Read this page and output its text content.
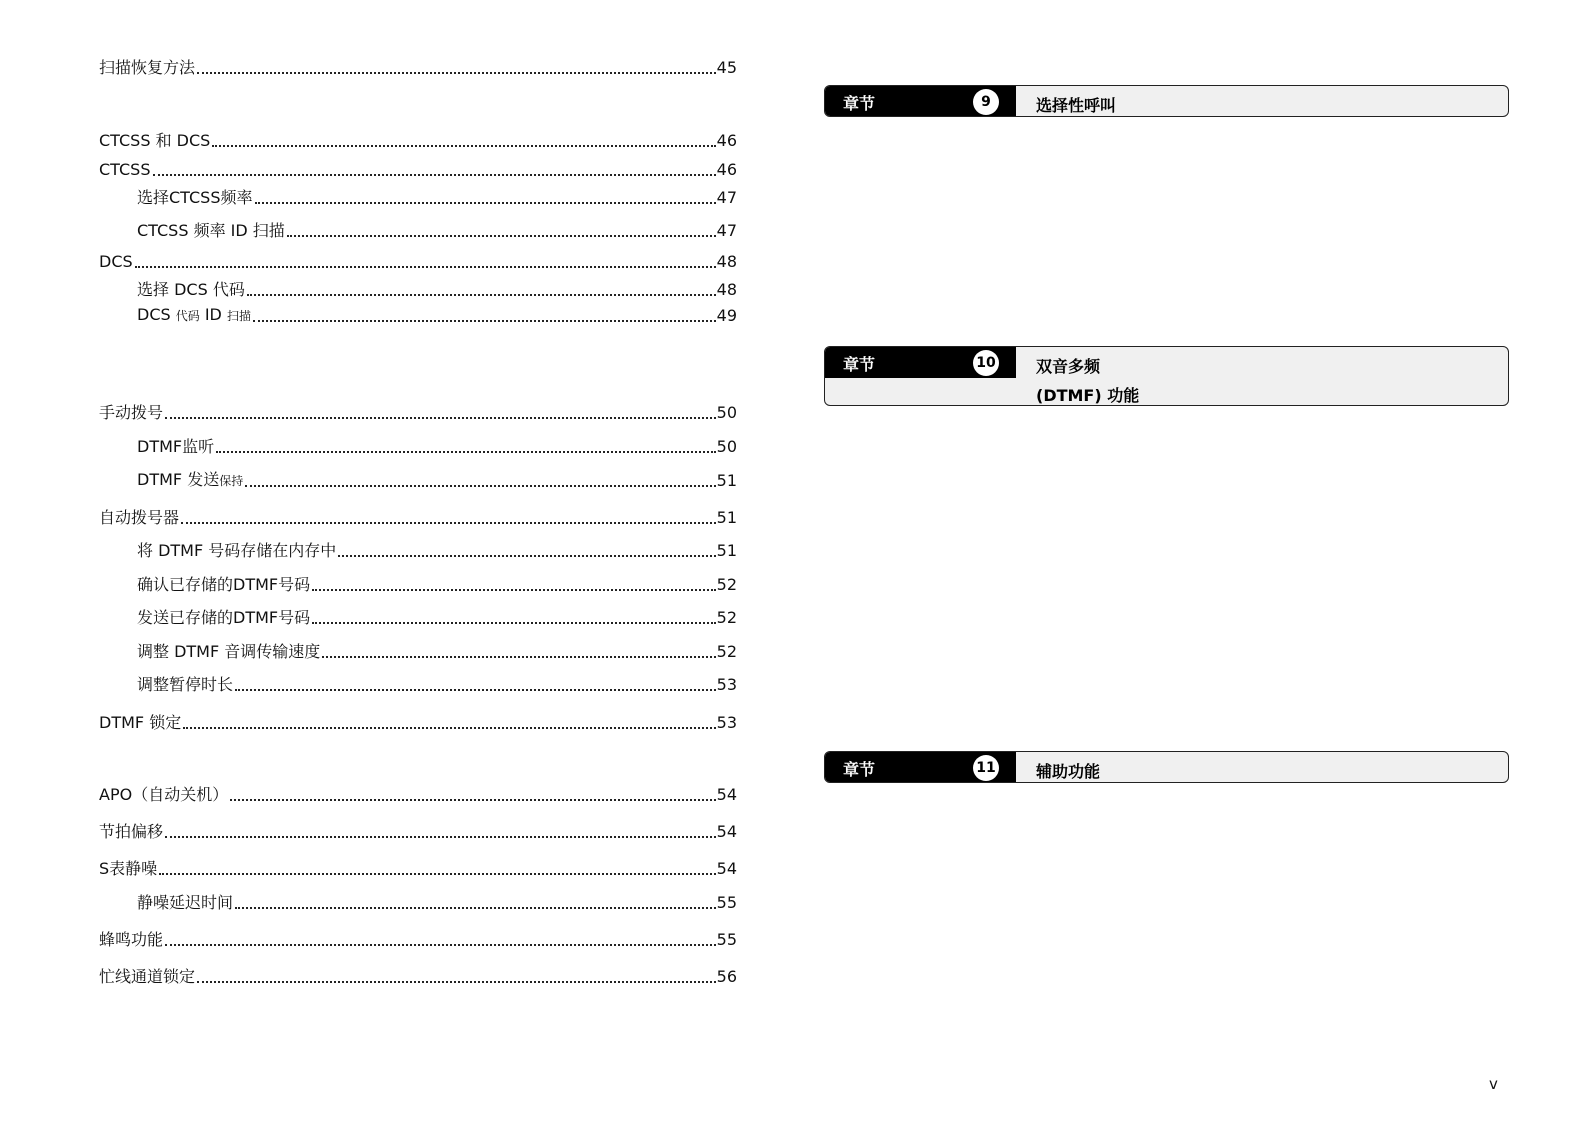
扫描恢复方法	45
CTCSS 和 DCS	46
CTCSS	46
选择CTCSS频率	47
CTCSS 频率 ID 扫描	47
DCS	48
选择 DCS 代码	48
DCS 代码 ID 扫描	49
手动拨号	50
DTMF监听	50
DTMF 发送保持	51
自动拨号器	51
将 DTMF 号码存储在内存中	51
确认已存储的DTMF号码	52
发送已存储的DTMF号码	52
调整 DTMF 音调传输速度	52
调整暂停时长	53
DTMF 锁定	53
APO（自动关机）	54
节拍偏移	54
S表静噪	54
静噪延迟时间	55
蜂鸣功能	55
忙线通道锁定	56
章节	9	选择性呼叫
章节	10	双音多频
(DTMF) 功能
章节	11	辅助功能
v
